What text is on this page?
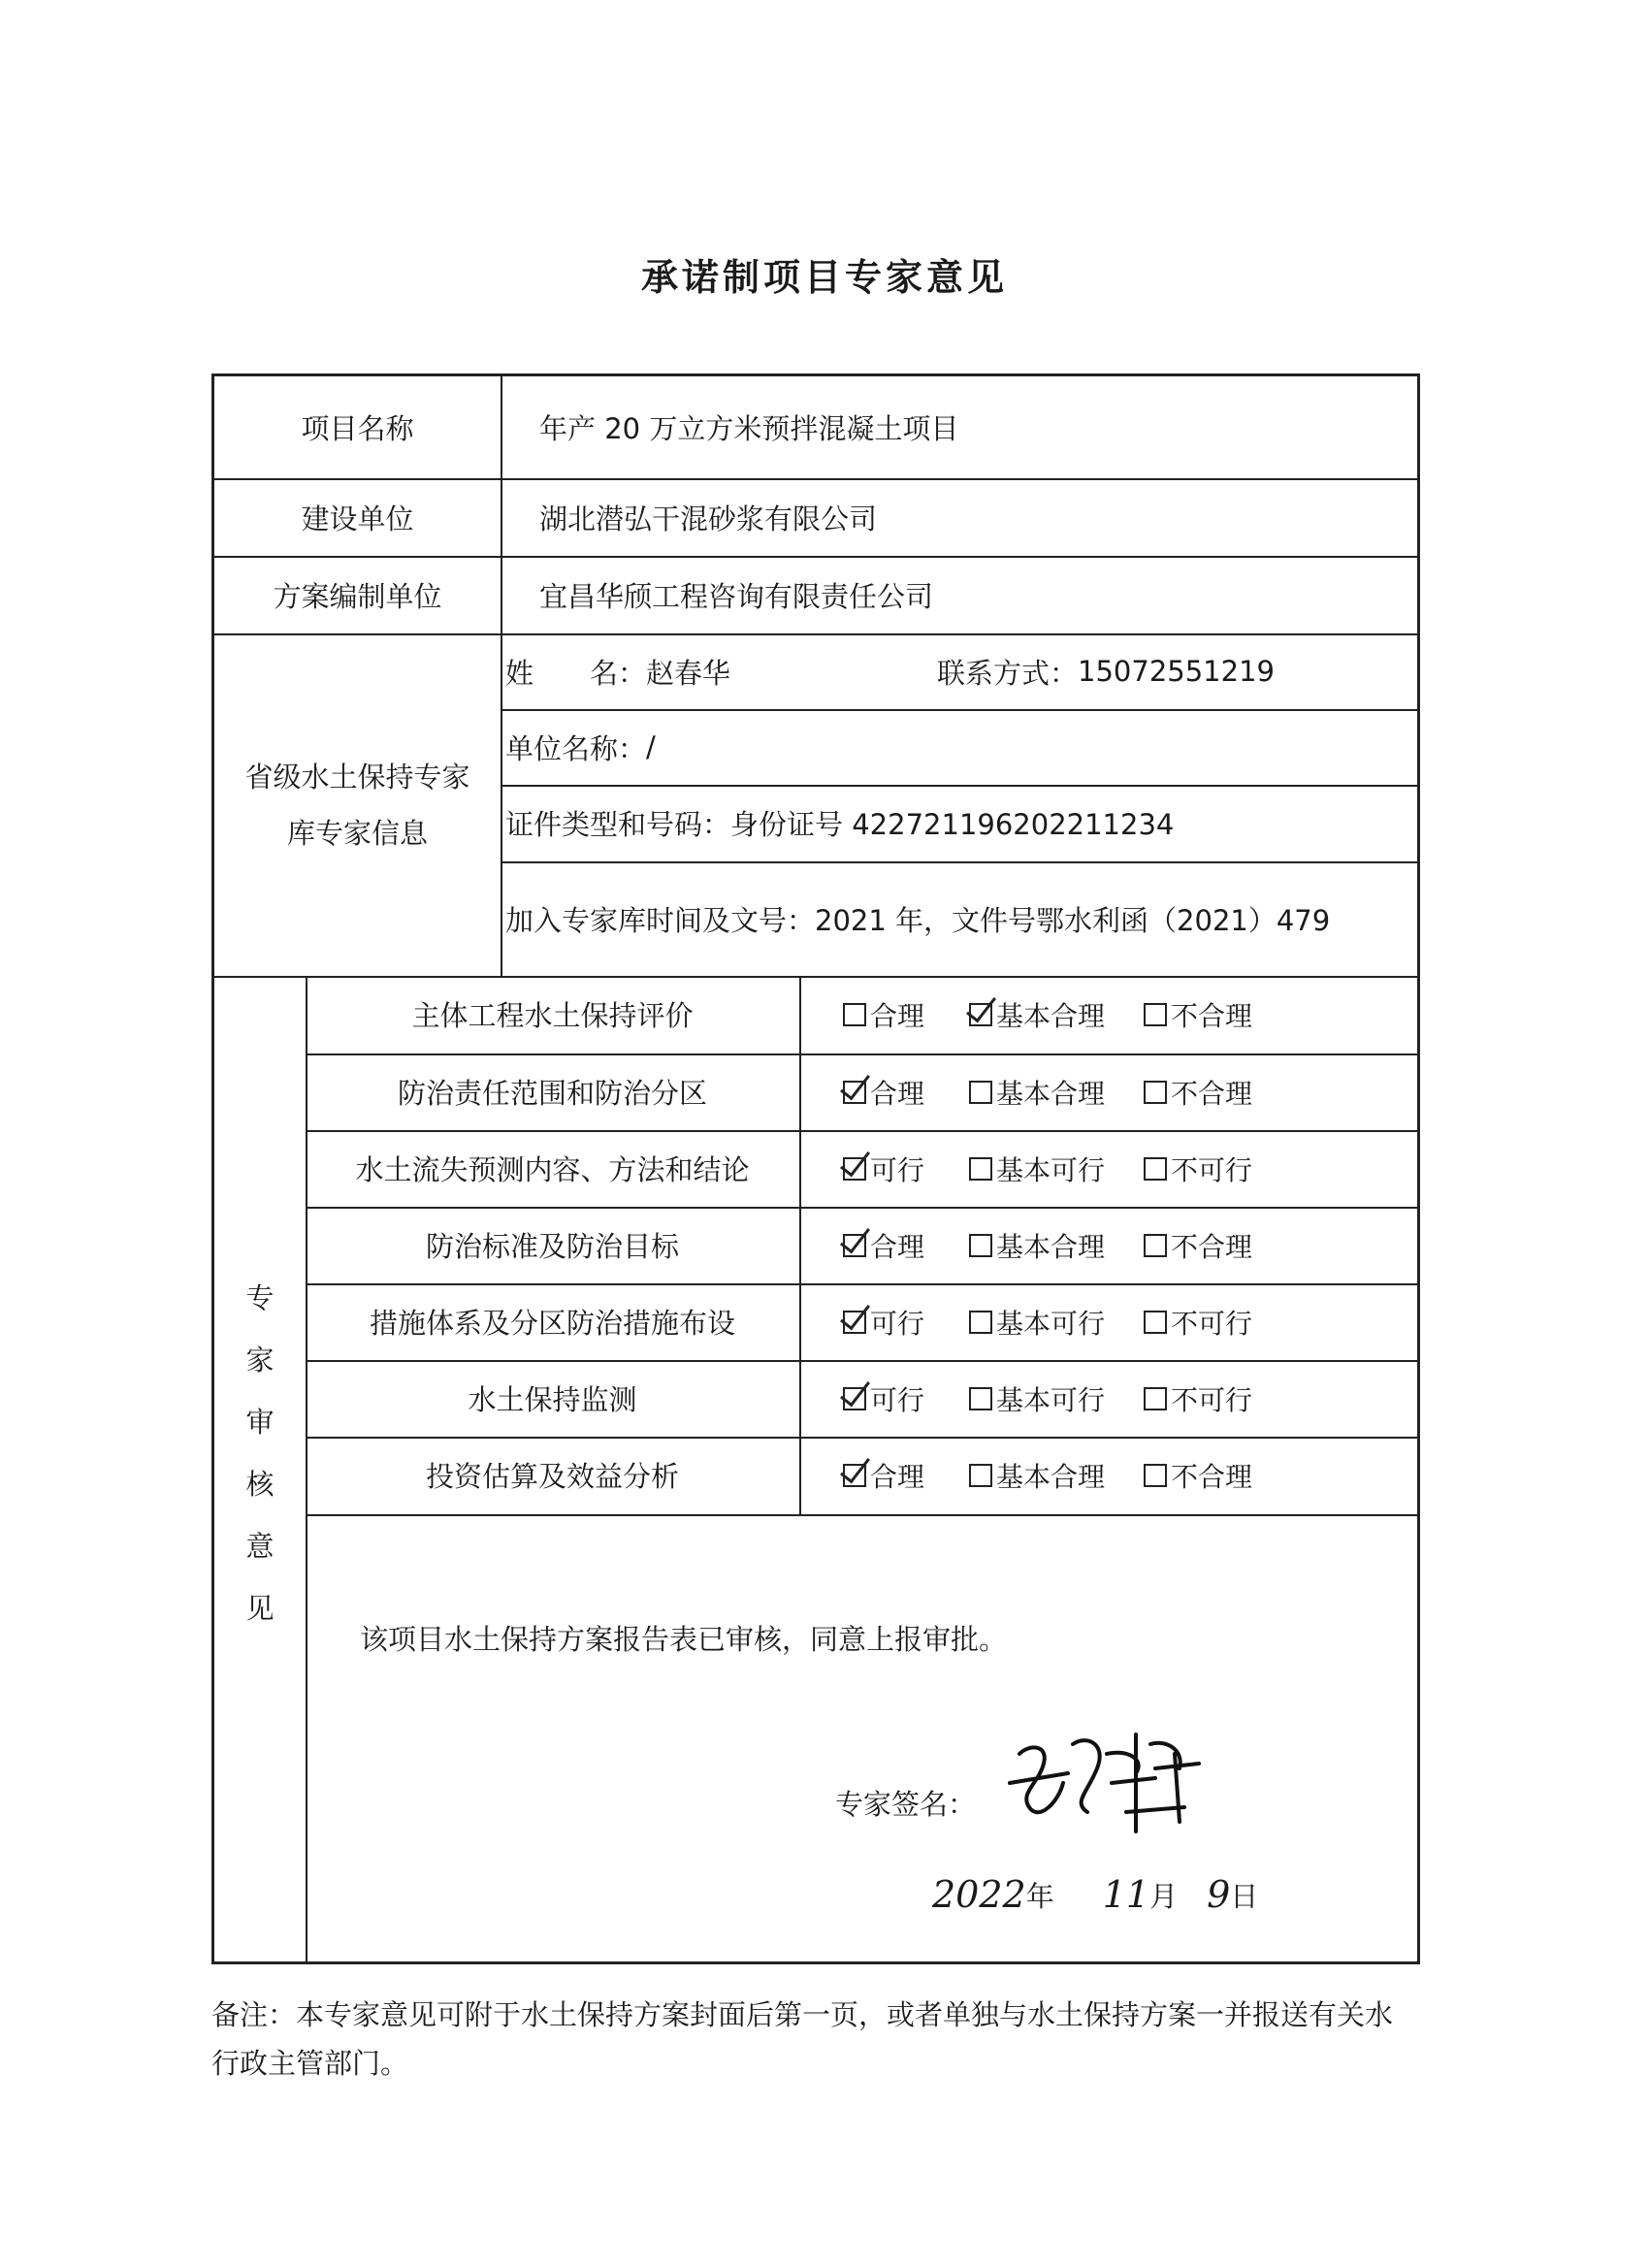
承诺制项目专家意见
项目名称	年产 20 万立方米预拌混凝土项目
建设单位	湖北潜弘干混砂浆有限公司
方案编制单位	宜昌华颀工程咨询有限责任公司
省级水土保持专家
库专家信息
姓　　名： 赵春华	联系方式： 15072551219
单位名称： /
证件类型和号码： 身份证号 422721196202211234
加入专家库时间及文号： 2021 年，文件号鄂水利函（2021）479
专
家
审
核
意
见
该项目水土保持方案报告表已审核，同意上报审批。
专家签名：
2022 年 11 月 9 日
主体工程水土保持评价	合理	基本合理 不合理
防治责任范围和防治分区	合理	基本合理 不合理
水土流失预测内容、方法和结论	可行	基本可行 不可行
防治标准及防治目标	合理	基本合理 不合理
措施体系及分区防治措施布设	可行	基本可行 不可行
水土保持监测	可行	基本可行 不可行
投资估算及效益分析	合理	基本合理 不合理
备注：本专家意见可附于水土保持方案封面后第一页，或者单独与水土保持方案一并报送有关水行政主管部门。
